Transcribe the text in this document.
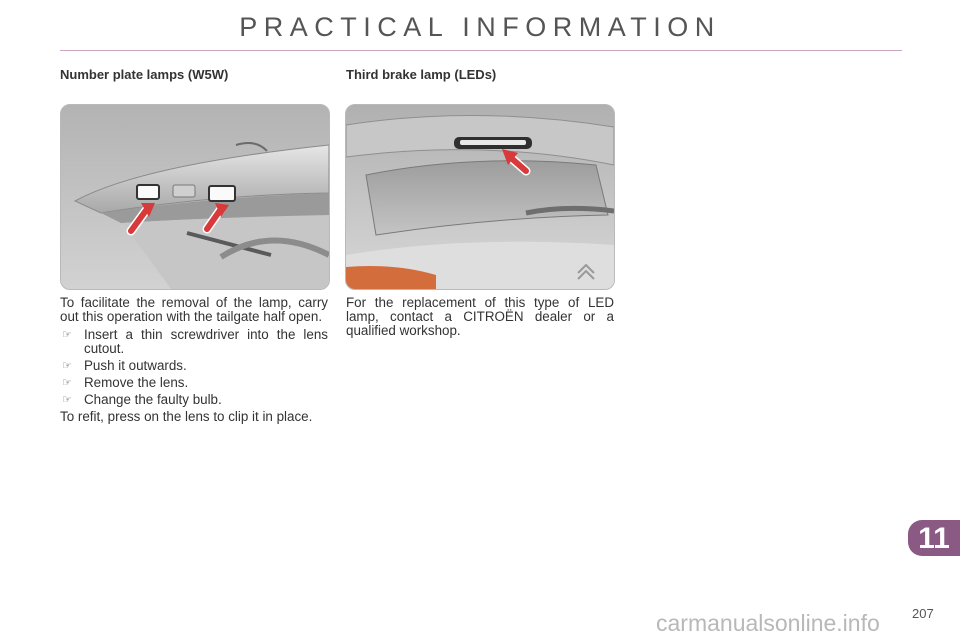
PRACTICAL INFORMATION
Number plate lamps (W5W)

To facilitate the removal of the lamp, carry out this operation with the tailgate half open.

☞ Insert a thin screwdriver into the lens cutout.
☞ Push it outwards.
☞ Remove the lens.
☞ Change the faulty bulb.

To refit, press on the lens to clip it in place.

Third brake lamp (LEDs)

For the replacement of this type of LED lamp, contact a CITROËN dealer or a qualified workshop.

11
207
carmanualsonline.info
